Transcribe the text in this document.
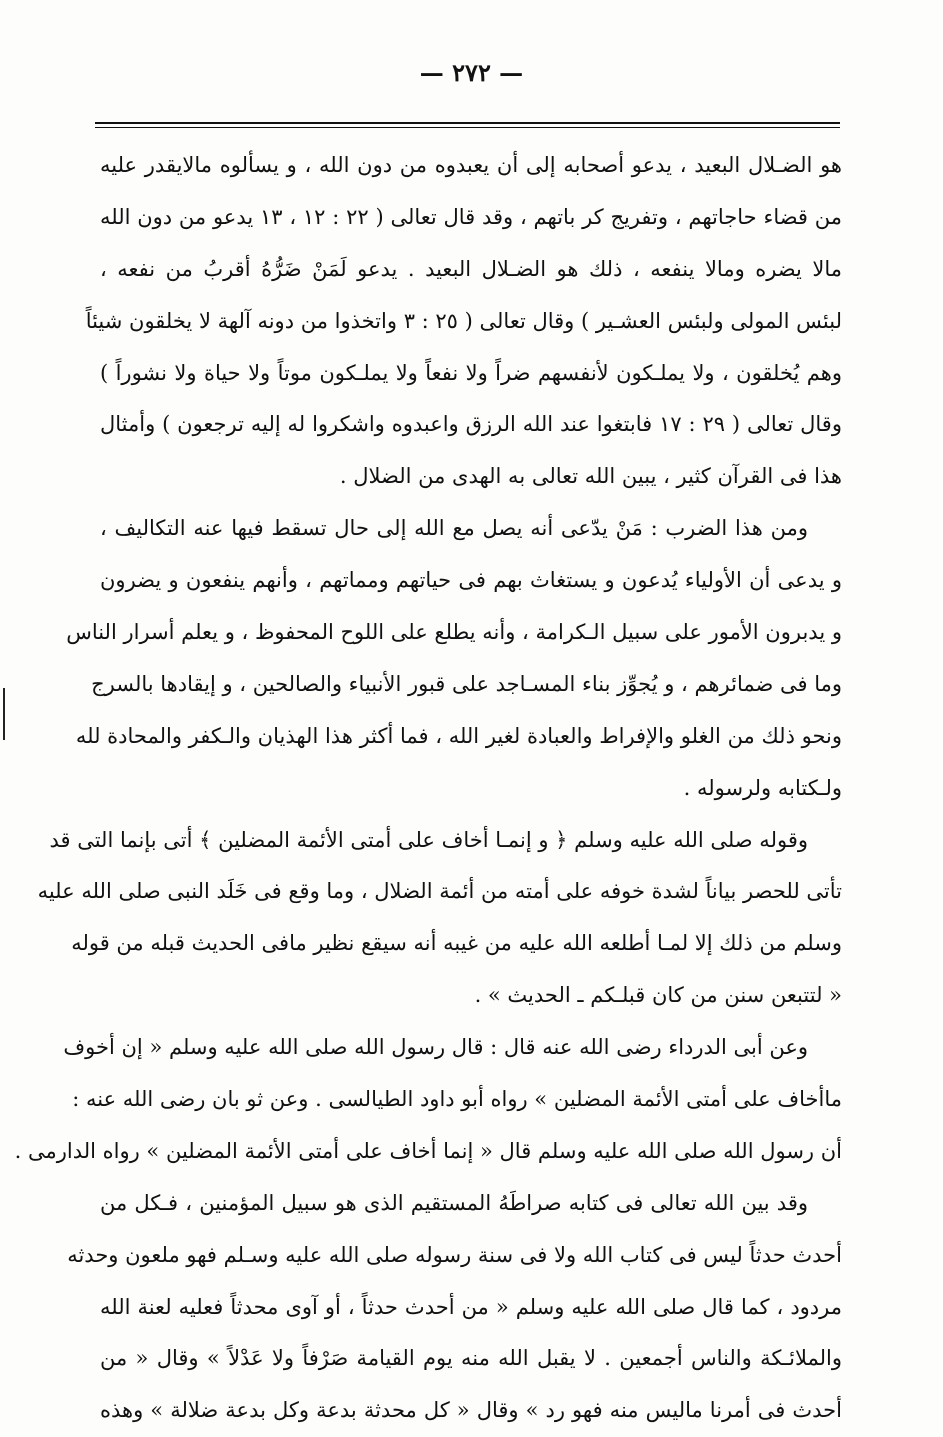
— ٢٧٢ —
هو الضـلال البعيد ، يدعو أصحابه إلى أن يعبدوه من دون الله ، و يسألوه مالايقدر عليه
من قضاء حاجاتهم ، وتفريج كر باتهم ، وقد قال تعالى ( ٢٢ : ١٢ ، ١٣ يدعو من دون الله
مالا يضره ومالا ينفعه ، ذلك هو الضـلال البعيد . يدعو لَمَنْ ضَرُّهُ أقربُ من نفعه ،
لبئس المولى ولبئس العشـير ) وقال تعالى ( ٢٥ : ٣ واتخذوا من دونه آلهة لا يخلقون شيئاً
وهم يُخلقون ، ولا يملـكون لأنفسهم ضراً ولا نفعاً ولا يملـكون موتاً ولا حياة ولا نشوراً )
وقال تعالى ( ٢٩ : ١٧ فابتغوا عند الله الرزق واعبدوه واشكروا له إليه ترجعون ) وأمثال
هذا فى القرآن كثير ، يبين الله تعالى به الهدى من الضلال .
ومن هذا الضرب : مَنْ يدّعى أنه يصل مع الله إلى حال تسقط فيها عنه التكاليف ،
و يدعى أن الأولياء يُدعون و يستغاث بهم فى حياتهم ومماتهم ، وأنهم ينفعون و يضرون
و يدبرون الأمور على سبيل الـكرامة ، وأنه يطلع على اللوح المحفوظ ، و يعلم أسرار الناس
وما فى ضمائرهم ، و يُجوِّز بناء المسـاجد على قبور الأنبياء والصالحين ، و إيقادها بالسرج
ونحو ذلك من الغلو والإفراط والعبادة لغير الله ، فما أكثر هذا الهذيان والـكفر والمحادة لله
ولـكتابه ولرسوله .
وقوله صلى الله عليه وسلم ﴿ و إنمـا أخاف على أمتى الأئمة المضلين ﴾ أتى بإنما التى قد
تأتى للحصر بياناً لشدة خوفه على أمته من أئمة الضلال ، وما وقع فى خَلَد النبى صلى الله عليه
وسلم من ذلك إلا لمـا أطلعه الله عليه من غيبه أنه سيقع نظير مافى الحديث قبله من قوله
« لتتبعن سنن من كان قبلـكم ـ الحديث » .
وعن أبى الدرداء رضى الله عنه قال : قال رسول الله صلى الله عليه وسلم « إن أخوف
ماأخاف على أمتى الأئمة المضلين » رواه أبو داود الطيالسى . وعن ثو بان رضى الله عنه :
أن رسول الله صلى الله عليه وسلم قال « إنما أخاف على أمتى الأئمة المضلين » رواه الدارمى .
وقد بين الله تعالى فى كتابه صراطَهُ المستقيم الذى هو سبيل المؤمنين ، فـكل من
أحدث حدثاً ليس فى كتاب الله ولا فى سنة رسوله صلى الله عليه وسـلم فهو ملعون وحدثه
مردود ، كما قال صلى الله عليه وسلم « من أحدث حدثاً ، أو آوى محدثاً فعليه لعنة الله
والملائـكة والناس أجمعين . لا يقبل الله منه يوم القيامة صَرْفاً ولا عَدْلاً » وقال « من
أحدث فى أمرنا ماليس منه فهو رد » وقال « كل محدثة بدعة وكل بدعة ضلالة » وهذه
